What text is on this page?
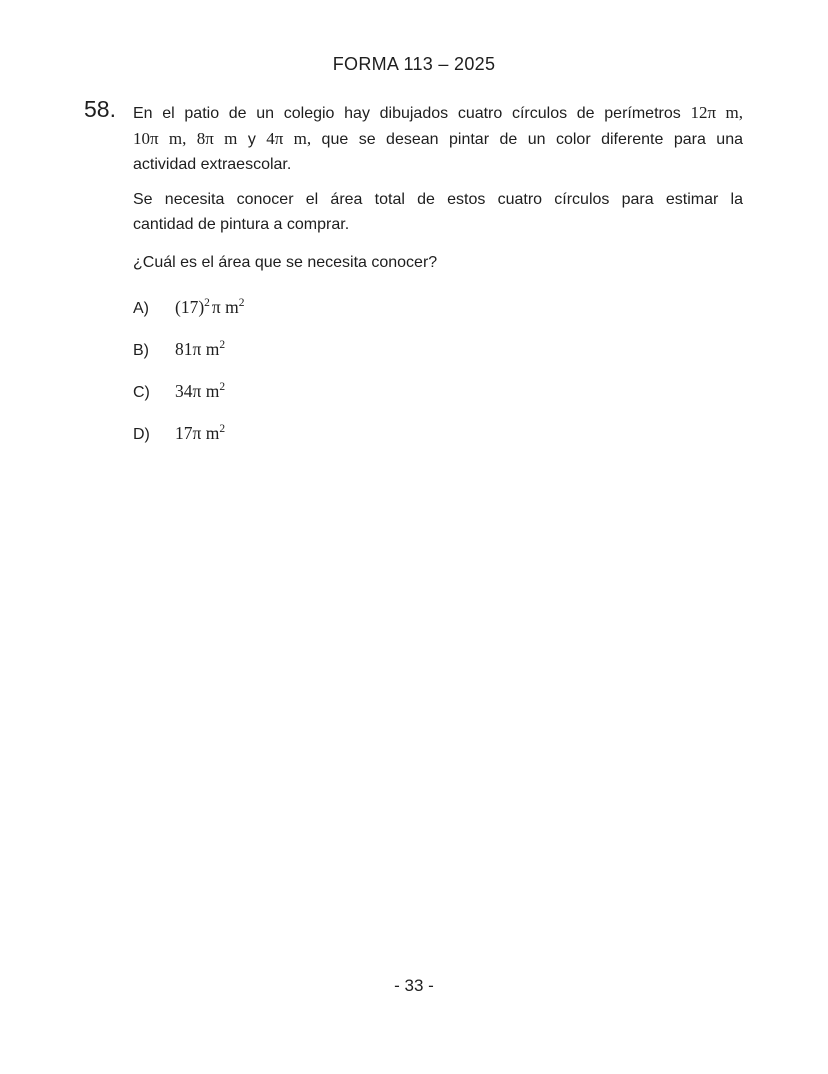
FORMA 113 – 2025
58. En el patio de un colegio hay dibujados cuatro círculos de perímetros 12π m,
10π m, 8π m y 4π m, que se desean pintar de un color diferente para una
actividad extraescolar.
Se necesita conocer el área total de estos cuatro círculos para estimar la
cantidad de pintura a comprar.
¿Cuál es el área que se necesita conocer?
A)	$(17)^2$ π $m^2$
B)	81π $m^2$
C)	34π $m^2$
D)	17π $m^2$
- 33 -
